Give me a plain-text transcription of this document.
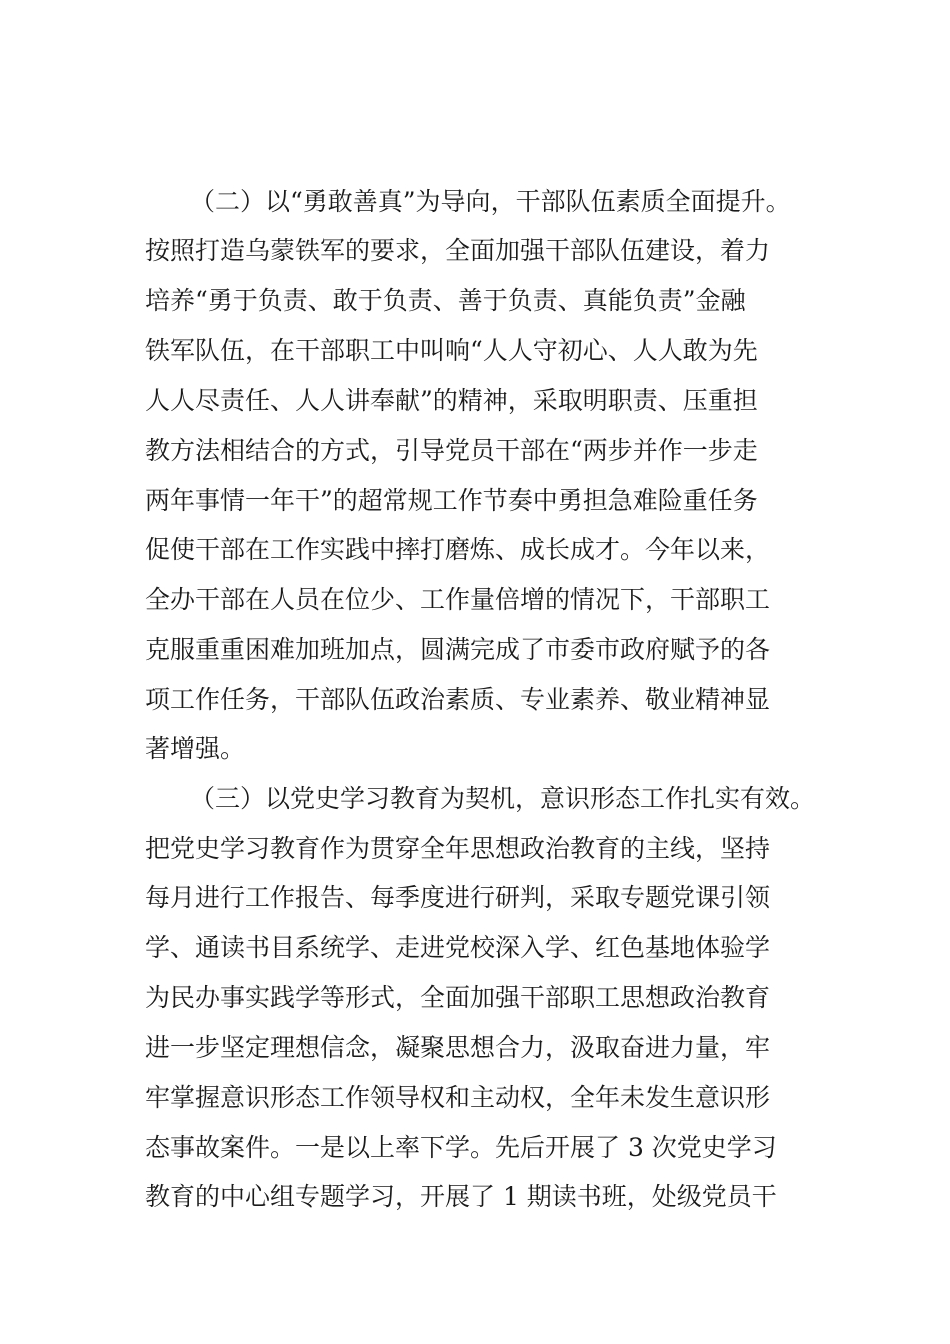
（二）以“勇敢善真”为导向，干部队伍素质全面提升。
按照打造乌蒙铁军的要求，全面加强干部队伍建设，着力
培养“勇于负责、敢于负责、善于负责、真能负责”金融
铁军队伍，在干部职工中叫响“人人守初心、人人敢为先
人人尽责任、人人讲奉献”的精神，采取明职责、压重担
教方法相结合的方式，引导党员干部在“两步并作一步走
两年事情一年干”的超常规工作节奏中勇担急难险重任务
促使干部在工作实践中摔打磨炼、成长成才。今年以来，
全办干部在人员在位少、工作量倍增的情况下，干部职工
克服重重困难加班加点，圆满完成了市委市政府赋予的各
项工作任务，干部队伍政治素质、专业素养、敬业精神显
著增强。
（三）以党史学习教育为契机，意识形态工作扎实有效。
把党史学习教育作为贯穿全年思想政治教育的主线，坚持
每月进行工作报告、每季度进行研判，采取专题党课引领
学、通读书目系统学、走进党校深入学、红色基地体验学
为民办事实践学等形式，全面加强干部职工思想政治教育
进一步坚定理想信念，凝聚思想合力，汲取奋进力量，牢
牢掌握意识形态工作领导权和主动权，全年未发生意识形
态事故案件。一是以上率下学。先后开展了 3 次党史学习
教育的中心组专题学习，开展了 1 期读书班，处级党员干
